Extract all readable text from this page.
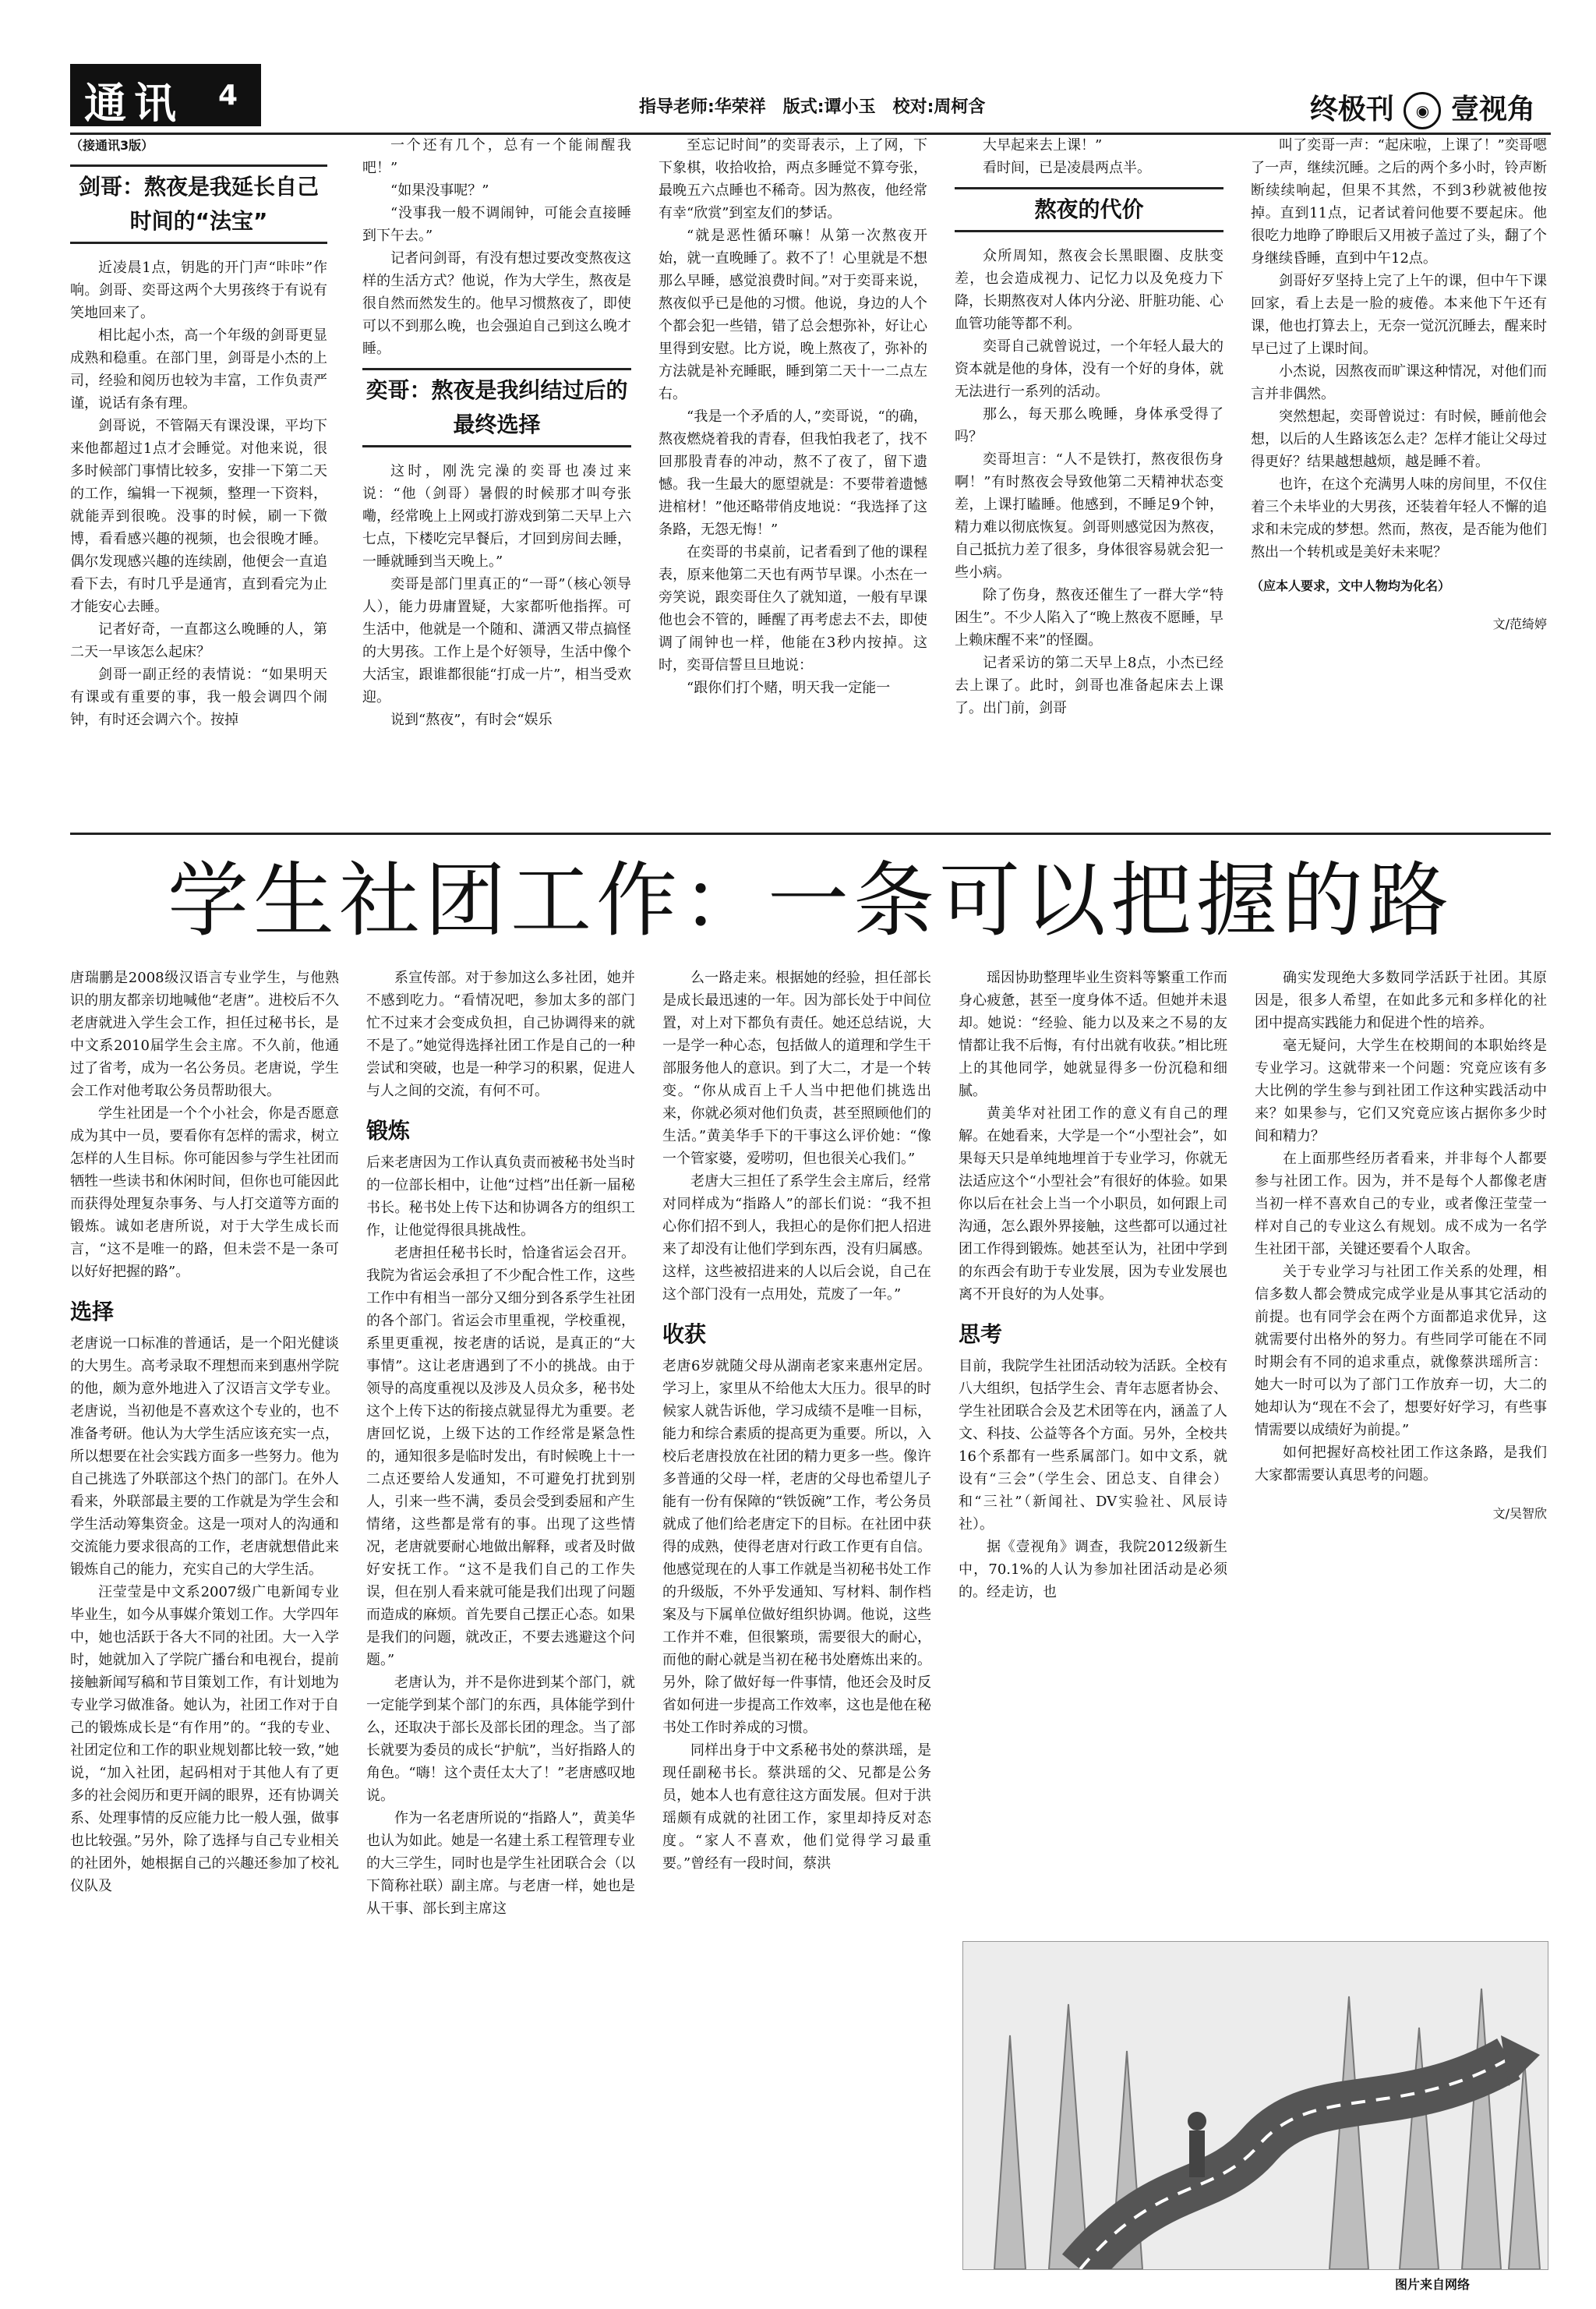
通讯 4	指导老师:华荣祥　版式:谭小玉　校对:周柯含	终极刊 ◉ 壹视角
（接通讯3版）
剑哥：熬夜是我延长自己时间的“法宝”

近凌晨1点，钥匙的开门声“咔咔”作响。剑哥、奕哥这两个大男孩终于有说有笑地回来了。

相比起小杰，高一个年级的剑哥更显成熟和稳重。在部门里，剑哥是小杰的上司，经验和阅历也较为丰富，工作负责严谨，说话有条有理。

剑哥说，不管隔天有课没课，平均下来他都超过1点才会睡觉。对他来说，很多时候部门事情比较多，安排一下第二天的工作，编辑一下视频，整理一下资料，就能弄到很晚。没事的时候，刷一下微博，看看感兴趣的视频，也会很晚才睡。偶尔发现感兴趣的连续剧，他便会一直追看下去，有时几乎是通宵，直到看完为止才能安心去睡。

记者好奇，一直都这么晚睡的人，第二天一早该怎么起床？

剑哥一副正经的表情说：“如果明天有课或有重要的事，我一般会调四个闹钟，有时还会调六个。按掉

一个还有几个，总有一个能闹醒我吧！”

“如果没事呢？”

“没事我一般不调闹钟，可能会直接睡到下午去。”

记者问剑哥，有没有想过要改变熬夜这样的生活方式？他说，作为大学生，熬夜是很自然而然发生的。他早习惯熬夜了，即使可以不到那么晚，也会强迫自己到这么晚才睡。

奕哥：熬夜是我纠结过后的最终选择

这时，刚洗完澡的奕哥也凑过来说：“他（剑哥）暑假的时候那才叫夸张嘞，经常晚上上网或打游戏到第二天早上六七点，下楼吃完早餐后，才回到房间去睡，一睡就睡到当天晚上。”

奕哥是部门里真正的“一哥”（核心领导人），能力毋庸置疑，大家都听他指挥。可生活中，他就是一个随和、潇洒又带点搞怪的大男孩。工作上是个好领导，生活中像个大活宝，跟谁都很能“打成一片”，相当受欢迎。

说到“熬夜”，有时会“娱乐

至忘记时间”的奕哥表示，上了网，下下象棋，收拾收拾，两点多睡觉不算夸张，最晚五六点睡也不稀奇。因为熬夜，他经常有幸“欣赏”到室友们的梦话。

“就是恶性循环嘛！从第一次熬夜开始，就一直晚睡了。救不了！心里就是不想那么早睡，感觉浪费时间。”对于奕哥来说，熬夜似乎已是他的习惯。他说，身边的人个个都会犯一些错，错了总会想弥补，好让心里得到安慰。比方说，晚上熬夜了，弥补的方法就是补充睡眠，睡到第二天十一二点左右。

“我是一个矛盾的人，”奕哥说，“的确，熬夜燃烧着我的青春，但我怕我老了，找不回那股青春的冲动，熬不了夜了，留下遗憾。我一生最大的愿望就是：不要带着遗憾进棺材！”他还略带俏皮地说：“我选择了这条路，无怨无悔！”

在奕哥的书桌前，记者看到了他的课程表，原来他第二天也有两节早课。小杰在一旁笑说，跟奕哥住久了就知道，一般有早课他也会不管的，睡醒了再考虑去不去，即使调了闹钟也一样，他能在3秒内按掉。这时，奕哥信誓旦旦地说：

“跟你们打个赌，明天我一定能一

大早起来去上课！”

看时间，已是凌晨两点半。

熬夜的代价

众所周知，熬夜会长黑眼圈、皮肤变差，也会造成视力、记忆力以及免疫力下降，长期熬夜对人体内分泌、肝脏功能、心血管功能等都不利。

奕哥自己就曾说过，一个年轻人最大的资本就是他的身体，没有一个好的身体，就无法进行一系列的活动。

那么，每天那么晚睡，身体承受得了吗？

奕哥坦言：“人不是铁打，熬夜很伤身啊！”有时熬夜会导致他第二天精神状态变差，上课打瞌睡。他感到，不睡足9个钟，精力难以彻底恢复。剑哥则感觉因为熬夜，自己抵抗力差了很多，身体很容易就会犯一些小病。

除了伤身，熬夜还催生了一群大学“特困生”。不少人陷入了“晚上熬夜不愿睡，早上赖床醒不来”的怪圈。

记者采访的第二天早上8点，小杰已经去上课了。此时，剑哥也准备起床去上课了。出门前，剑哥

叫了奕哥一声：“起床啦，上课了！”奕哥嗯了一声，继续沉睡。之后的两个多小时，铃声断断续续响起，但果不其然，不到3秒就被他按掉。直到11点，记者试着问他要不要起床。他很吃力地睁了睁眼后又用被子盖过了头，翻了个身继续昏睡，直到中午12点。

剑哥好歹坚持上完了上午的课，但中午下课回家，看上去是一脸的疲倦。本来他下午还有课，他也打算去上，无奈一觉沉沉睡去，醒来时早已过了上课时间。

小杰说，因熬夜而旷课这种情况，对他们而言并非偶然。

突然想起，奕哥曾说过：有时候，睡前他会想，以后的人生路该怎么走？怎样才能让父母过得更好？结果越想越烦，越是睡不着。

也许，在这个充满男人味的房间里，不仅住着三个未毕业的大男孩，还装着年轻人不懈的追求和未完成的梦想。然而，熬夜，是否能为他们熬出一个转机或是美好未来呢？

（应本人要求，文中人物均为化名）
文/范绮婷
学生社团工作：一条可以把握的路

唐瑞鹏是2008级汉语言专业学生，与他熟识的朋友都亲切地喊他“老唐”。进校后不久老唐就进入学生会工作，担任过秘书长，是中文系2010届学生会主席。不久前，他通过了省考，成为一名公务员。老唐说，学生会工作对他考取公务员帮助很大。

学生社团是一个个小社会，你是否愿意成为其中一员，要看你有怎样的需求，树立怎样的人生目标。你可能因参与学生社团而牺牲一些读书和休闲时间，但你也可能因此而获得处理复杂事务、与人打交道等方面的锻炼。诚如老唐所说，对于大学生成长而言，“这不是唯一的路，但未尝不是一条可以好好把握的路”。

选择

老唐说一口标准的普通话，是一个阳光健谈的大男生。高考录取不理想而来到惠州学院的他，颇为意外地进入了汉语言文学专业。老唐说，当初他是不喜欢这个专业的，也不准备考研。他认为大学生活应该充实一点，所以想要在社会实践方面多一些努力。他为自己挑选了外联部这个热门的部门。在外人看来，外联部最主要的工作就是为学生会和学生活动筹集资金。这是一项对人的沟通和交流能力要求很高的工作，老唐就想借此来锻炼自己的能力，充实自己的大学生活。

汪莹莹是中文系2007级广电新闻专业毕业生，如今从事媒介策划工作。大学四年中，她也活跃于各大不同的社团。大一入学时，她就加入了学院广播台和电视台，提前接触新闻写稿和节目策划工作，有计划地为专业学习做准备。她认为，社团工作对于自己的锻炼成长是“有作用”的。“我的专业、社团定位和工作的职业规划都比较一致，”她说，“加入社团，起码相对于其他人有了更多的社会阅历和更开阔的眼界，还有协调关系、处理事情的反应能力比一般人强，做事也比较强。”另外，除了选择与自己专业相关的社团外，她根据自己的兴趣还参加了校礼仪队及

系宣传部。对于参加这么多社团，她并不感到吃力。“看情况吧，参加太多的部门忙不过来才会变成负担，自己协调得来的就不是了。”她觉得选择社团工作是自己的一种尝试和突破，也是一种学习的积累，促进人与人之间的交流，有何不可。

锻炼

后来老唐因为工作认真负责而被秘书处当时的一位部长相中，让他“过档”出任新一届秘书长。秘书处上传下达和协调各方的组织工作，让他觉得很具挑战性。

老唐担任秘书长时，恰逢省运会召开。我院为省运会承担了不少配合性工作，这些工作中有相当一部分又细分到各系学生社团的各个部门。省运会市里重视，学校重视，系里更重视，按老唐的话说，是真正的“大事情”。这让老唐遇到了不小的挑战。由于领导的高度重视以及涉及人员众多，秘书处这个上传下达的衔接点就显得尤为重要。老唐回忆说，上级下达的工作经常是紧急性的，通知很多是临时发出，有时候晚上十一二点还要给人发通知，不可避免打扰到别人，引来一些不满，委员会受到委屈和产生情绪，这些都是常有的事。出现了这些情况，老唐就要耐心地做出解释，或者及时做好安抚工作。“这不是我们自己的工作失误，但在别人看来就可能是我们出现了问题而造成的麻烦。首先要自己摆正心态。如果是我们的问题，就改正，不要去逃避这个问题。”

老唐认为，并不是你进到某个部门，就一定能学到某个部门的东西，具体能学到什么，还取决于部长及部长团的理念。当了部长就要为委员的成长“护航”，当好指路人的角色。“嗨！这个责任太大了！”老唐感叹地说。

作为一名老唐所说的“指路人”，黄美华也认为如此。她是一名建土系工程管理专业的大三学生，同时也是学生社团联合会（以下简称社联）副主席。与老唐一样，她也是从干事、部长到主席这

么一路走来。根据她的经验，担任部长是成长最迅速的一年。因为部长处于中间位置，对上对下都负有责任。她还总结说，大一是学一种心态，包括做人的道理和学生干部服务他人的意识。到了大二，才是一个转变。“你从成百上千人当中把他们挑选出来，你就必须对他们负责，甚至照顾他们的生活。”黄美华手下的干事这么评价她：“像一个管家婆，爱唠叨，但也很关心我们。”

老唐大三担任了系学生会主席后，经常对同样成为“指路人”的部长们说：“我不担心你们招不到人，我担心的是你们把人招进来了却没有让他们学到东西，没有归属感。这样，这些被招进来的人以后会说，自己在这个部门没有一点用处，荒废了一年。”

收获

老唐6岁就随父母从湖南老家来惠州定居。学习上，家里从不给他太大压力。很早的时候家人就告诉他，学习成绩不是唯一目标，能力和综合素质的提高更为重要。所以，入校后老唐投放在社团的精力更多一些。像许多普通的父母一样，老唐的父母也希望儿子能有一份有保障的“铁饭碗”工作，考公务员就成了他们给老唐定下的目标。在社团中获得的成熟，使得老唐对行政工作更有自信。他感觉现在的人事工作就是当初秘书处工作的升级版，不外乎发通知、写材料、制作档案及与下属单位做好组织协调。他说，这些工作并不难，但很繁琐，需要很大的耐心，而他的耐心就是当初在秘书处磨炼出来的。另外，除了做好每一件事情，他还会及时反省如何进一步提高工作效率，这也是他在秘书处工作时养成的习惯。

同样出身于中文系秘书处的蔡洪瑶，是现任副秘书长。蔡洪瑶的父、兄都是公务员，她本人也有意往这方面发展。但对于洪瑶颇有成就的社团工作，家里却持反对态度。“家人不喜欢，他们觉得学习最重要。”曾经有一段时间，蔡洪

瑶因协助整理毕业生资料等繁重工作而身心疲惫，甚至一度身体不适。但她并未退却。她说：“经验、能力以及来之不易的友情都让我不后悔，有付出就有收获。”相比班上的其他同学，她就显得多一份沉稳和细腻。

黄美华对社团工作的意义有自己的理解。在她看来，大学是一个“小型社会”，如果每天只是单纯地埋首于专业学习，你就无法适应这个“小型社会”有很好的体验。如果你以后在社会上当一个小职员，如何跟上司沟通，怎么跟外界接触，这些都可以通过社团工作得到锻炼。她甚至认为，社团中学到的东西会有助于专业发展，因为专业发展也离不开良好的为人处事。

思考

目前，我院学生社团活动较为活跃。全校有八大组织，包括学生会、青年志愿者协会、学生社团联合会及艺术团等在内，涵盖了人文、科技、公益等各个方面。另外，全校共16个系都有一些系属部门。如中文系，就设有“三会”（学生会、团总支、自律会）和“三社”（新闻社、DV实验社、风辰诗社）。

据《壹视角》调查，我院2012级新生中，70.1%的人认为参加社团活动是必须的。经走访，也

确实发现绝大多数同学活跃于社团。其原因是，很多人希望，在如此多元和多样化的社团中提高实践能力和促进个性的培养。

毫无疑问，大学生在校期间的本职始终是专业学习。这就带来一个问题：究竟应该有多大比例的学生参与到社团工作这种实践活动中来？如果参与，它们又究竟应该占据你多少时间和精力？

在上面那些经历者看来，并非每个人都要参与社团工作。因为，并不是每个人都像老唐当初一样不喜欢自己的专业，或者像汪莹莹一样对自己的专业这么有规划。成不成为一名学生社团干部，关键还要看个人取舍。

关于专业学习与社团工作关系的处理，相信多数人都会赞成完成学业是从事其它活动的前提。也有同学会在两个方面都追求优异，这就需要付出格外的努力。有些同学可能在不同时期会有不同的追求重点，就像蔡洪瑶所言：她大一时可以为了部门工作放弃一切，大二的她却认为“现在不会了，想要好好学习，有些事情需要以成绩好为前提。”

如何把握好高校社团工作这条路，是我们大家都需要认真思考的问题。

文/吴智欣
图片来自网络
